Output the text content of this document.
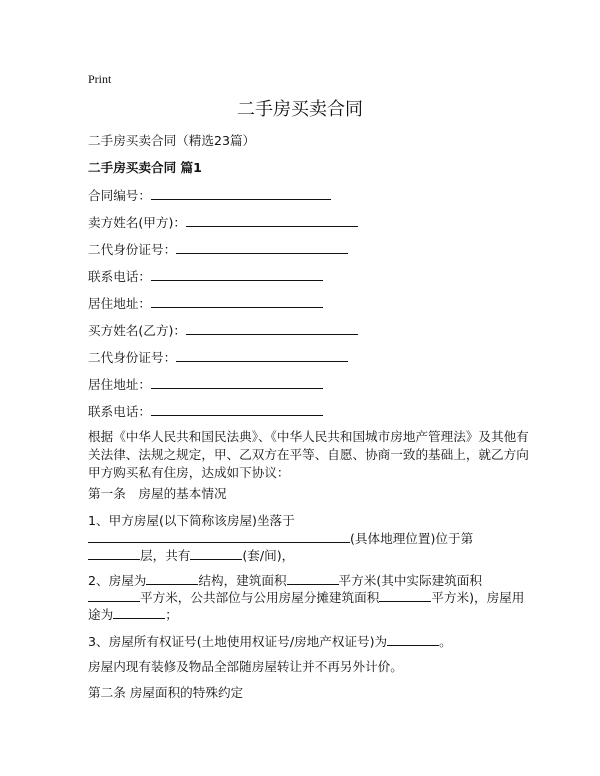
Print
二手房买卖合同
二手房买卖合同（精选23篇）
二手房买卖合同 篇1
合同编号：
卖方姓名(甲方)：
二代身份证号：
联系电话：
居住地址：
买方姓名(乙方)：
二代身份证号：
居住地址：
联系电话：
根据《中华人民共和国民法典》、《中华人民共和国城市房地产管理法》及其他有关法律、法规之规定，甲、乙双方在平等、自愿、协商一致的基础上，就乙方向甲方购买私有住房，达成如下协议：
第一条　房屋的基本情况
1、甲方房屋(以下简称该房屋)坐落于
(具体地理位置)位于第
层，共有	(套/间)，
2、房屋为	结构，建筑面积	平方米(其中实际建筑面积
平方米，公共部位与公用房屋分摊建筑面积	平方米)，房屋用
途为	；
3、房屋所有权证号(土地使用权证号/房地产权证号)为	。
房屋内现有装修及物品全部随房屋转让并不再另外计价。
第二条 房屋面积的特殊约定
